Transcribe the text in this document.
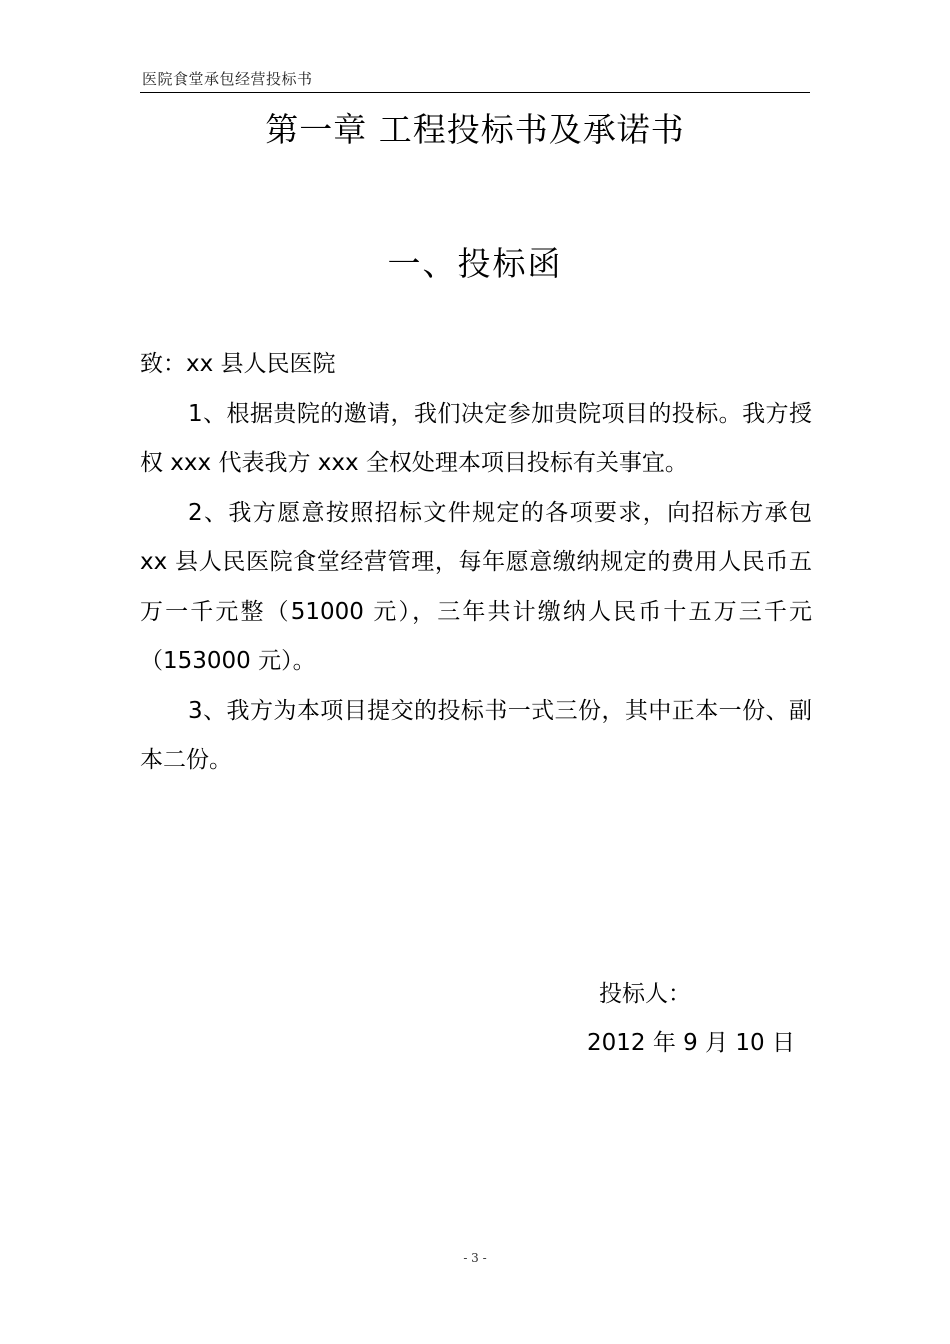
医院食堂承包经营投标书
第一章 工程投标书及承诺书
一、投标函

致：xx 县人民医院

1、根据贵院的邀请，我们决定参加贵院项目的投标。我方授权 xxx 代表我方 xxx 全权处理本项目投标有关事宜。

2、我方愿意按照招标文件规定的各项要求，向招标方承包 xx 县人民医院食堂经营管理，每年愿意缴纳规定的费用人民币五万一千元整（51000 元），三年共计缴纳人民币十五万三千元（153000 元）。

3、我方为本项目提交的投标书一式三份，其中正本一份、副本二份。

投标人：
2012 年 9 月 10 日
- 3 -
